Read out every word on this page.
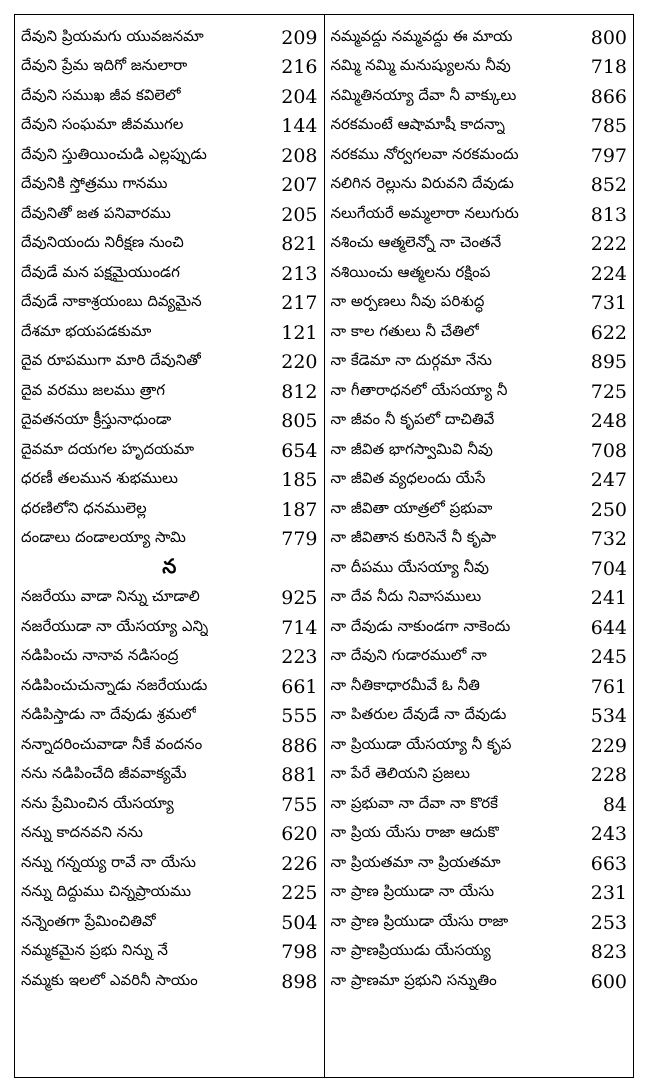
దేవుని ప్రియమగు యువజనమా	209
దేవుని ప్రేమ ఇదిగో జనులారా	216
దేవుని సముఖ జీవ కవిలెలో	204
దేవుని సంఘమా జీవముగల	144
దేవుని స్తుతియించుడి ఎల్లప్పుడు	208
దేవునికి స్తోత్రము గానము	207
దేవునితో జత పనివారము	205
దేవునియందు నిరీక్షణ నుంచి	821
దేవుడే మన పక్షమైయుండగ	213
దేవుడే నాకాశ్రయంబు దివ్యమైన	217
దేశమా భయపడకుమా	121
దైవ రూపముగా మారి దేవునితో	220
దైవ వరము జలము త్రాగ	812
దైవతనయా క్రీస్తునాధుండా	805
దైవమా దయగల హృదయమా	654
ధరణీ తలమున శుభములు	185
ధరణిలోని ధనములెల్ల	187
దండాలు దండాలయ్యా సామి	779
న
నజరేయు వాడా నిన్ను చూడాలి	925
నజరేయుడా నా యేసయ్యా ఎన్ని	714
నడిపించు నానావ నడిసంద్ర	223
నడిపించుచున్నాడు నజరేయుడు	661
నడిపిస్తాడు నా దేవుడు శ్రమలో	555
నన్నాదరించువాడా నీకే వందనం	886
నను నడిపించేది జీవవాక్యమే	881
నను ప్రేమించిన యేసయ్యా	755
నన్ను కాదనవని నను	620
నన్ను గన్నయ్య రావే నా యేసు	226
నన్ను దిద్దుము చిన్నప్రాయము	225
నన్నెంతగా ప్రేమించితివో	504
నమ్మకమైన ప్రభు నిన్ను నే	798
నమ్మకు ఇలలో ఎవరినీ సాయం	898
నమ్మవద్దు నమ్మవద్దు ఈ మాయ	800
నమ్మి నమ్మి మనుష్యులను నీవు	718
నమ్మితినయ్యా దేవా నీ వాక్కులు	866
నరకమంటే ఆషామాషీ కాదన్నా	785
నరకము నోర్వగలవా నరకమందు	797
నలిగిన రెల్లును విరువని దేవుడు	852
నలుగేయరే అమ్మలారా నలుగురు	813
నశించు ఆత్మలెన్నో నా చెంతనే	222
నశియించు ఆత్మలను రక్షింప	224
నా అర్పణలు నీవు పరిశుద్ధ	731
నా కాల గతులు నీ చేతిలో	622
నా కేడెమా నా దుర్గమా నేను	895
నా గీతారాధనలో యేసయ్యా నీ	725
నా జీవం నీ కృపలో దాచితివే	248
నా జీవిత భాగస్వామివి నీవు	708
నా జీవిత వ్యధలందు యేసే	247
నా జీవితా యాత్రలో ప్రభువా	250
నా జీవితాన కురిసెనే నీ కృపా	732
నా దీపము యేసయ్యా నీవు	704
నా దేవ నీదు నివాసములు	241
నా దేవుడు నాకుండగా నాకెందు	644
నా దేవుని గుడారములో నా	245
నా నీతికాధారమీవే ఓ నీతి	761
నా పితరుల దేవుడే నా దేవుడు	534
నా ప్రియుడా యేసయ్యా నీ కృప	229
నా పేరే తెలియని ప్రజలు	228
నా ప్రభువా నా దేవా నా కొరకే	84
నా ప్రియ యేసు రాజా ఆదుకొ	243
నా ప్రియతమా నా ప్రియతమా	663
నా ప్రాణ ప్రియుడా నా యేసు	231
నా ప్రాణ ప్రియుడా యేసు రాజా	253
నా ప్రాణప్రియుడు యేసయ్య	823
నా ప్రాణమా ప్రభుని సన్నుతిం	600
